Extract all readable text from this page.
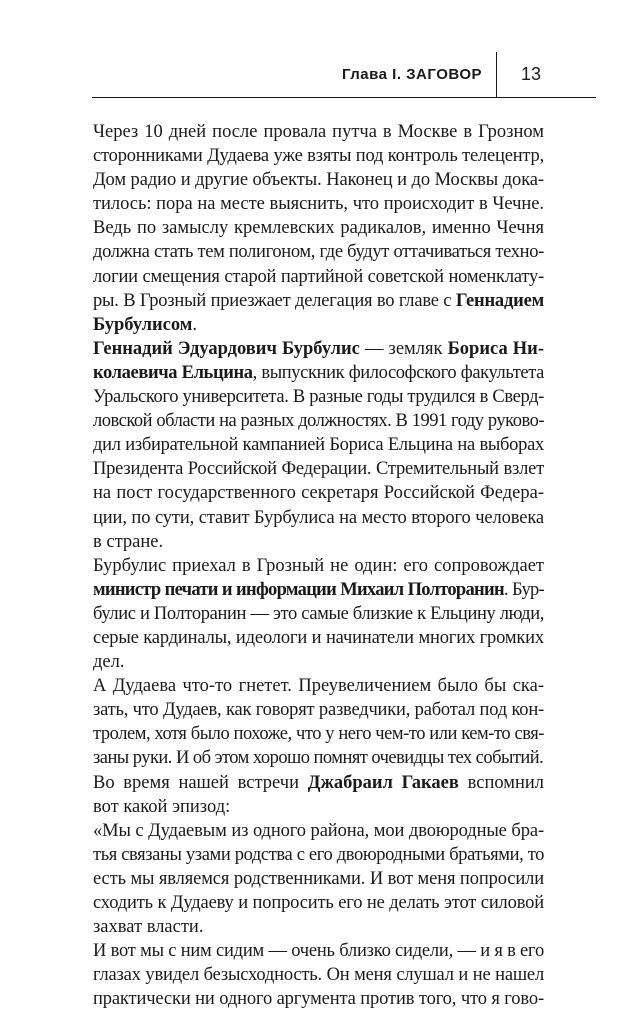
Глава I. ЗАГОВОР 13

Через 10 дней после провала путча в Москве в Грозном
сторонниками Дудаева уже взяты под контроль телецентр,
Дом радио и другие объекты. Наконец и до Москвы дока-
тилось: пора на месте выяснить, что происходит в Чечне.
Ведь по замыслу кремлевских радикалов, именно Чечня
должна стать тем полигоном, где будут оттачиваться техно-
логии смещения старой партийной советской номенклату-
ры. В Грозный приезжает делегация во главе с Геннадием
Бурбулисом.

Геннадий Эдуардович Бурбулис — земляк Бориса Ни-
колаевича Ельцина, выпускник философского факультета
Уральского университета. В разные годы трудился в Сверд-
ловской области на разных должностях. В 1991 году руково-
дил избирательной кампанией Бориса Ельцина на выборах
Президента Российской Федерации. Стремительный взлет
на пост государственного секретаря Российской Федера-
ции, по сути, ставит Бурбулиса на место второго человека
в стране.

Бурбулис приехал в Грозный не один: его сопровождает
министр печати и информации Михаил Полторанин. Бур-
булис и Полторанин — это самые близкие к Ельцину люди,
серые кардиналы, идеологи и начинатели многих громких
дел.

А Дудаева что-то гнетет. Преувеличением было бы ска-
зать, что Дудаев, как говорят разведчики, работал под кон-
тролем, хотя было похоже, что у него чем-то или кем-то свя-
заны руки. И об этом хорошо помнят очевидцы тех событий.

Во время нашей встречи Джабраил Гакаев вспомнил
вот какой эпизод:

«Мы с Дудаевым из одного района, мои двоюродные бра-
тья связаны узами родства с его двоюродными братьями, то
есть мы являемся родственниками. И вот меня попросили
сходить к Дудаеву и попросить его не делать этот силовой
захват власти.

И вот мы с ним сидим — очень близко сидели, — и я в его
глазах увидел безысходность. Он меня слушал и не нашел
практически ни одного аргумента против того, что я гово-
